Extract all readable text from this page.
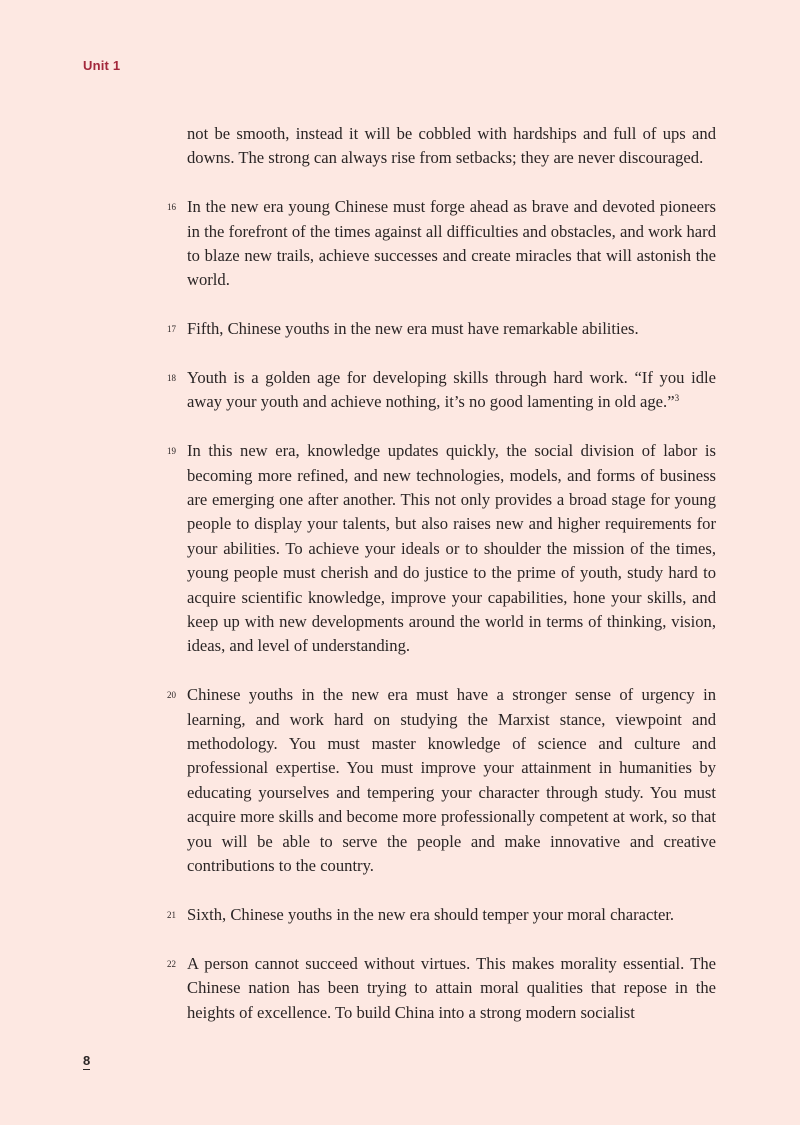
Unit 1

not be smooth, instead it will be cobbled with hardships and full of ups and downs. The strong can always rise from setbacks; they are never discouraged.

16 In the new era young Chinese must forge ahead as brave and devoted pioneers in the forefront of the times against all difficulties and obstacles, and work hard to blaze new trails, achieve successes and create miracles that will astonish the world.

17 Fifth, Chinese youths in the new era must have remarkable abilities.

18 Youth is a golden age for developing skills through hard work. “If you idle away your youth and achieve nothing, it’s no good lamenting in old age.”$^3$

19 In this new era, knowledge updates quickly, the social division of labor is becoming more refined, and new technologies, models, and forms of business are emerging one after another. This not only provides a broad stage for young people to display your talents, but also raises new and higher requirements for your abilities. To achieve your ideals or to shoulder the mission of the times, young people must cherish and do justice to the prime of youth, study hard to acquire scientific knowledge, improve your capabilities, hone your skills, and keep up with new developments around the world in terms of thinking, vision, ideas, and level of understanding.

20 Chinese youths in the new era must have a stronger sense of urgency in learning, and work hard on studying the Marxist stance, viewpoint and methodology. You must master knowledge of science and culture and professional expertise. You must improve your attainment in humanities by educating yourselves and tempering your character through study. You must acquire more skills and become more professionally competent at work, so that you will be able to serve the people and make innovative and creative contributions to the country.

21 Sixth, Chinese youths in the new era should temper your moral character.

22 A person cannot succeed without virtues. This makes morality essential. The Chinese nation has been trying to attain moral qualities that repose in the heights of excellence. To build China into a strong modern socialist

8
